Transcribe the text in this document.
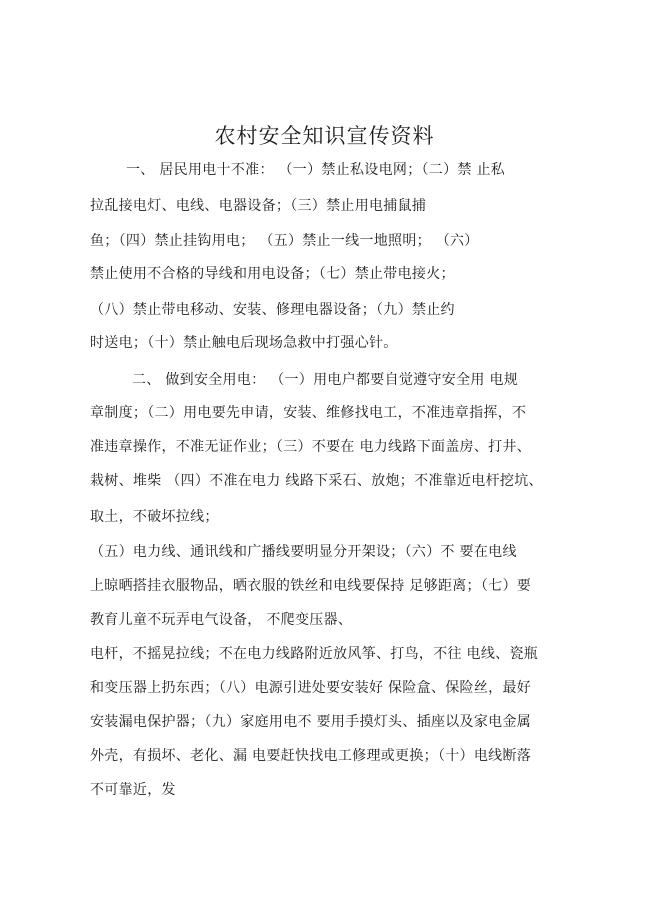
农村安全知识宣传资料
一、 居民用电十不准： （一）禁止私设电网；（二）禁 止私
拉乱接电灯、电线、电器设备；（三）禁止用电捕鼠捕
鱼；（四）禁止挂钩用电； （五）禁止一线一地照明； （六）
禁止使用不合格的导线和用电设备；（七）禁止带电接火；
（八）禁止带电移动、安装、修理电器设备；（九）禁止约
时送电；（十）禁止触电后现场急救中打强心针。
二、 做到安全用电： （一）用电户都要自觉遵守安全用 电规
章制度；（二）用电要先申请，安装、维修找电工，不准违章指挥，不
准违章操作，不准无证作业；（三）不要在 电力线路下面盖房、打井、
栽树、堆柴 （四）不准在电力 线路下采石、放炮；不准靠近电杆挖坑、
取土，不破坏拉线；
（五）电力线、通讯线和广播线要明显分开架设；（六）不 要在电线
上晾晒搭挂衣服物品，晒衣服的铁丝和电线要保持 足够距离；（七）要
教育儿童不玩弄电气设备， 不爬变压器、
电杆，不摇晃拉线；不在电力线路附近放风筝、打鸟，不往 电线、瓷瓶
和变压器上扔东西；（八）电源引进处要安装好 保险盒、保险丝，最好
安装漏电保护器；（九）家庭用电不 要用手摸灯头、插座以及家电金属
外壳，有损坏、老化、漏 电要赶快找电工修理或更换；（十）电线断落
不可靠近，发
